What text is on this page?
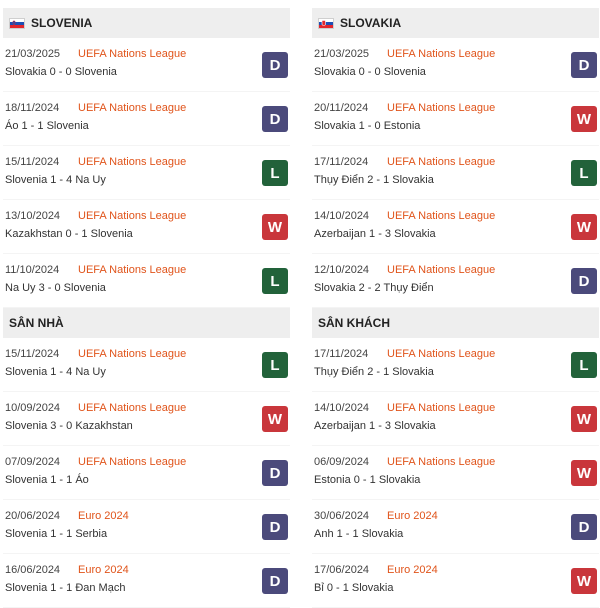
SLOVENIA
21/03/2025 UEFA Nations League
Slovakia 0 - 0 Slovenia	D
18/11/2024 UEFA Nations League
Áo 1 - 1 Slovenia	D
15/11/2024 UEFA Nations League
Slovenia 1 - 4 Na Uy	L
13/10/2024 UEFA Nations League
Kazakhstan 0 - 1 Slovenia	W
11/10/2024 UEFA Nations League
Na Uy 3 - 0 Slovenia	L
SÂN NHÀ
15/11/2024 UEFA Nations League
Slovenia 1 - 4 Na Uy	L
10/09/2024 UEFA Nations League
Slovenia 3 - 0 Kazakhstan	W
07/09/2024 UEFA Nations League
Slovenia 1 - 1 Áo	D
20/06/2024 Euro 2024
Slovenia 1 - 1 Serbia	D
16/06/2024 Euro 2024
Slovenia 1 - 1 Đan Mạch	D
SLOVAKIA
21/03/2025 UEFA Nations League
Slovakia 0 - 0 Slovenia	D
20/11/2024 UEFA Nations League
Slovakia 1 - 0 Estonia	W
17/11/2024 UEFA Nations League
Thụy Điển 2 - 1 Slovakia	L
14/10/2024 UEFA Nations League
Azerbaijan 1 - 3 Slovakia	W
12/10/2024 UEFA Nations League
Slovakia 2 - 2 Thụy Điển	D
SÂN KHÁCH
17/11/2024 UEFA Nations League
Thụy Điển 2 - 1 Slovakia	L
14/10/2024 UEFA Nations League
Azerbaijan 1 - 3 Slovakia	W
06/09/2024 UEFA Nations League
Estonia 0 - 1 Slovakia	W
30/06/2024 Euro 2024
Anh 1 - 1 Slovakia	D
17/06/2024 Euro 2024
Bỉ 0 - 1 Slovakia	W
